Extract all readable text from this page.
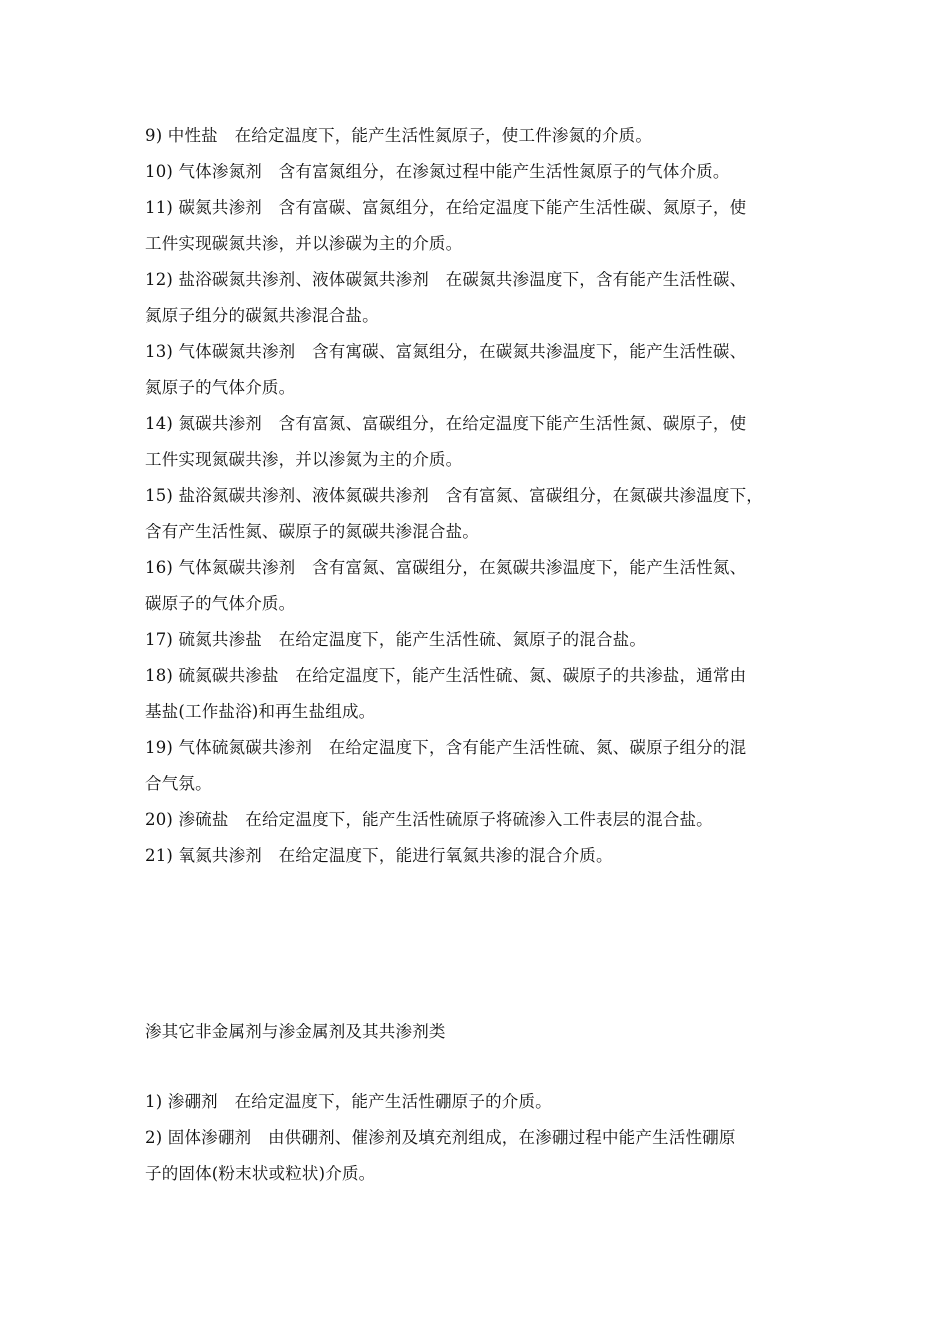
9) 中性盐　在给定温度下，能产生活性氮原子，使工件渗氮的介质。
10) 气体渗氮剂　含有富氮组分，在渗氮过程中能产生活性氮原子的气体介质。
11) 碳氮共渗剂　含有富碳、富氮组分，在给定温度下能产生活性碳、氮原子，使
工件实现碳氮共渗，并以渗碳为主的介质。
12) 盐浴碳氮共渗剂、液体碳氮共渗剂　在碳氮共渗温度下，含有能产生活性碳、
氮原子组分的碳氮共渗混合盐。
13) 气体碳氮共渗剂　含有寓碳、富氮组分，在碳氮共渗温度下，能产生活性碳、
氮原子的气体介质。
14) 氮碳共渗剂　含有富氮、富碳组分，在给定温度下能产生活性氮、碳原子，使
工件实现氮碳共渗，并以渗氮为主的介质。
15) 盐浴氮碳共渗剂、液体氮碳共渗剂　含有富氮、富碳组分，在氮碳共渗温度下，
含有产生活性氮、碳原子的氮碳共渗混合盐。
16) 气体氮碳共渗剂　含有富氮、富碳组分，在氮碳共渗温度下，能产生活性氮、
碳原子的气体介质。
17) 硫氮共渗盐　在给定温度下，能产生活性硫、氮原子的混合盐。
18) 硫氮碳共渗盐　在给定温度下，能产生活性硫、氮、碳原子的共渗盐，通常由
基盐(工作盐浴)和再生盐组成。
19) 气体硫氮碳共渗剂　在给定温度下，含有能产生活性硫、氮、碳原子组分的混
合气氛。
20) 渗硫盐　在给定温度下，能产生活性硫原子将硫渗入工件表层的混合盐。
21) 氧氮共渗剂　在给定温度下，能进行氧氮共渗的混合介质。
渗其它非金属剂与渗金属剂及其共渗剂类
1) 渗硼剂　在给定温度下，能产生活性硼原子的介质。
2) 固体渗硼剂　由供硼剂、催渗剂及填充剂组成，在渗硼过程中能产生活性硼原
子的固体(粉末状或粒状)介质。
